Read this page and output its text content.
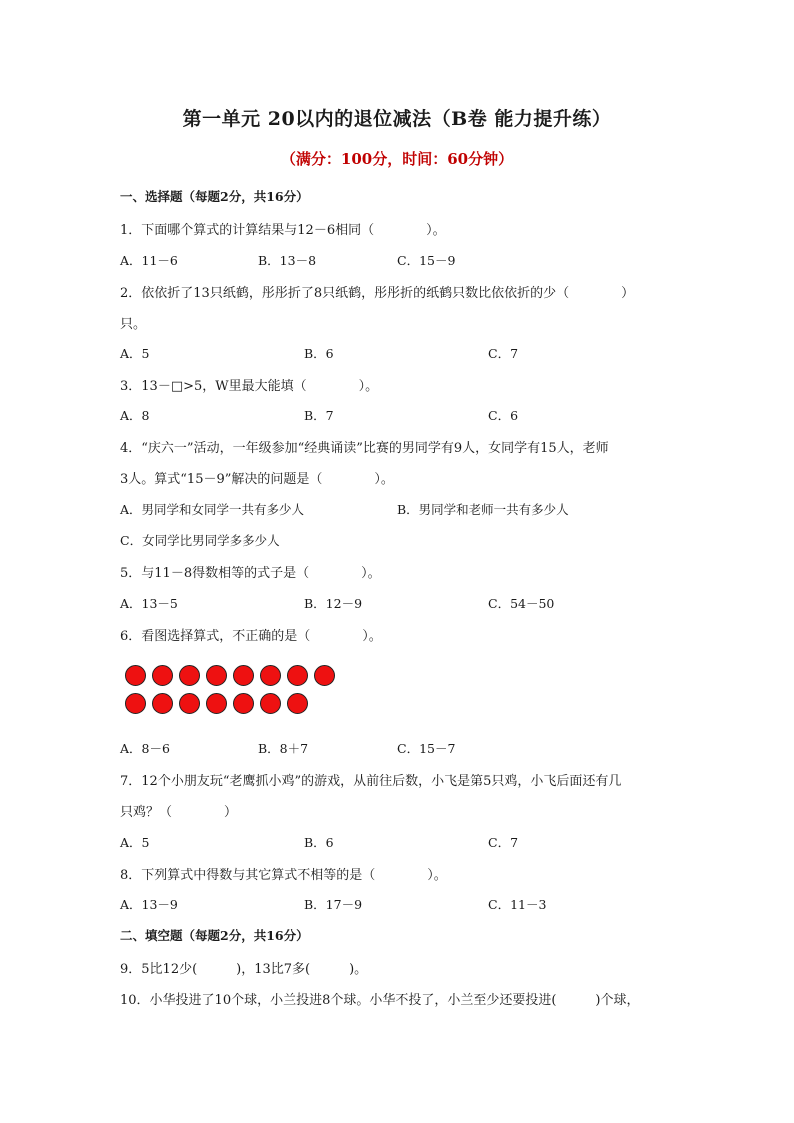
第一单元 20以内的退位减法（B卷 能力提升练）
（满分：100分，时间：60分钟）
一、选择题（每题2分，共16分）
1．下面哪个算式的计算结果与12－6相同（　　　　）。
A．11－6	B．13－8	C．15－9
2．依依折了13只纸鹤，彤彤折了8只纸鹤，彤彤折的纸鹤只数比依依折的少（　　　　）
只。
A．5	B．6	C．7
3．13－□>5，W里最大能填（　　　　）。
A．8	B．7	C．6
4．“庆六一”活动，一年级参加“经典诵读”比赛的男同学有9人，女同学有15人，老师
3人。算式“15－9”解决的问题是（　　　　）。
A．男同学和女同学一共有多少人	B．男同学和老师一共有多少人
C．女同学比男同学多多少人
5．与11－8得数相等的式子是（　　　　）。
A．13－5	B．12－9	C．54－50
6．看图选择算式，不正确的是（　　　　）。
A．8－6	B．8＋7	C．15－7
7．12个小朋友玩“老鹰抓小鸡”的游戏，从前往后数，小飞是第5只鸡，小飞后面还有几
只鸡？（　　　　）
A．5	B．6	C．7
8．下列算式中得数与其它算式不相等的是（　　　　）。
A．13－9	B．17－9	C．11－3
二、填空题（每题2分，共16分）
9．5比12少(　　　)，13比7多(　　　)。
10．小华投进了10个球，小兰投进8个球。小华不投了，小兰至少还要投进(　　　)个球，
